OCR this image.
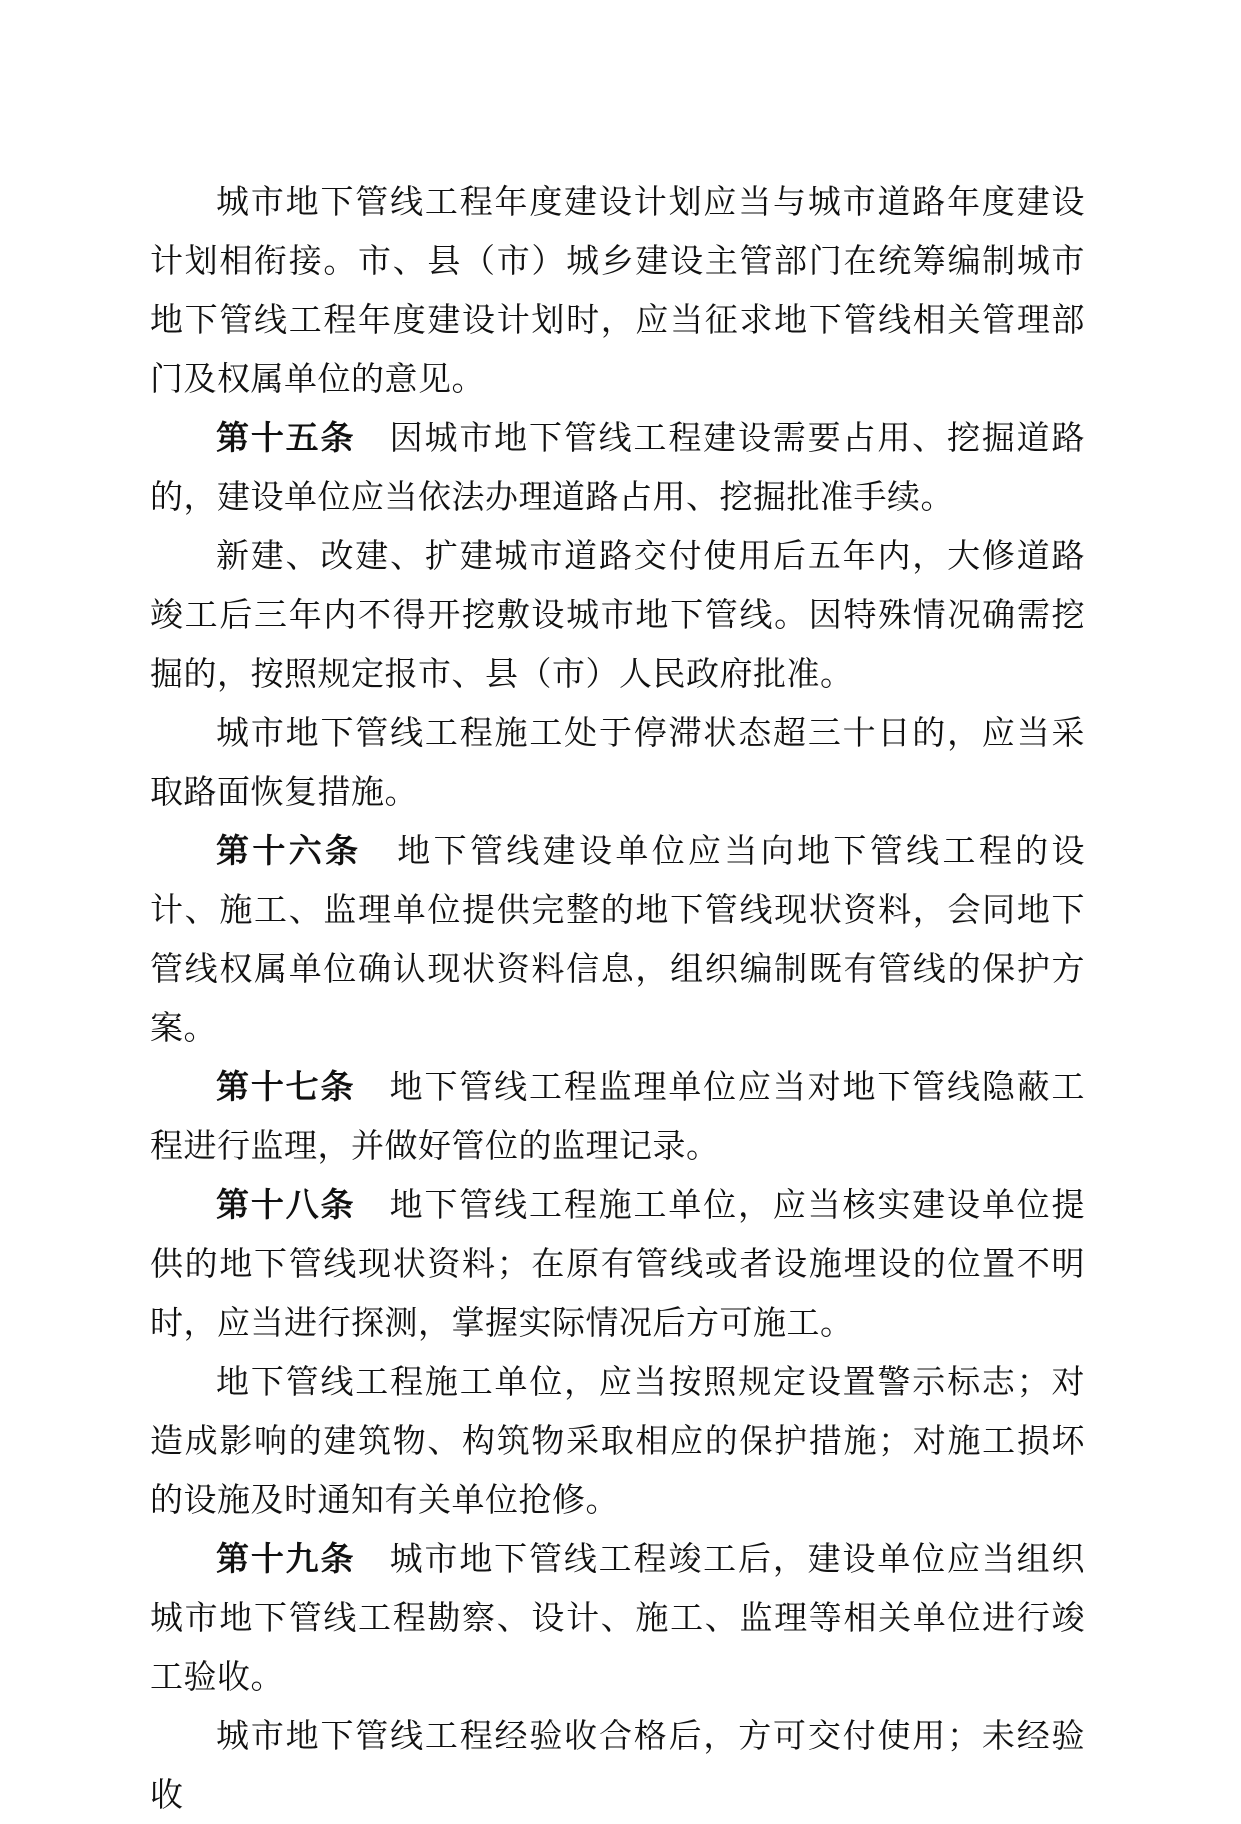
城市地下管线工程年度建设计划应当与城市道路年度建设计划相衔接。市、县（市）城乡建设主管部门在统筹编制城市地下管线工程年度建设计划时，应当征求地下管线相关管理部门及权属单位的意见。

第十五条 因城市地下管线工程建设需要占用、挖掘道路的，建设单位应当依法办理道路占用、挖掘批准手续。

新建、改建、扩建城市道路交付使用后五年内，大修道路竣工后三年内不得开挖敷设城市地下管线。因特殊情况确需挖掘的，按照规定报市、县（市）人民政府批准。

城市地下管线工程施工处于停滞状态超三十日的，应当采取路面恢复措施。

第十六条 地下管线建设单位应当向地下管线工程的设计、施工、监理单位提供完整的地下管线现状资料，会同地下管线权属单位确认现状资料信息，组织编制既有管线的保护方案。

第十七条 地下管线工程监理单位应当对地下管线隐蔽工程进行监理，并做好管位的监理记录。

第十八条 地下管线工程施工单位，应当核实建设单位提供的地下管线现状资料；在原有管线或者设施埋设的位置不明时，应当进行探测，掌握实际情况后方可施工。

地下管线工程施工单位，应当按照规定设置警示标志；对造成影响的建筑物、构筑物采取相应的保护措施；对施工损坏的设施及时通知有关单位抢修。

第十九条 城市地下管线工程竣工后，建设单位应当组织城市地下管线工程勘察、设计、施工、监理等相关单位进行竣工验收。

城市地下管线工程经验收合格后，方可交付使用；未经验收
